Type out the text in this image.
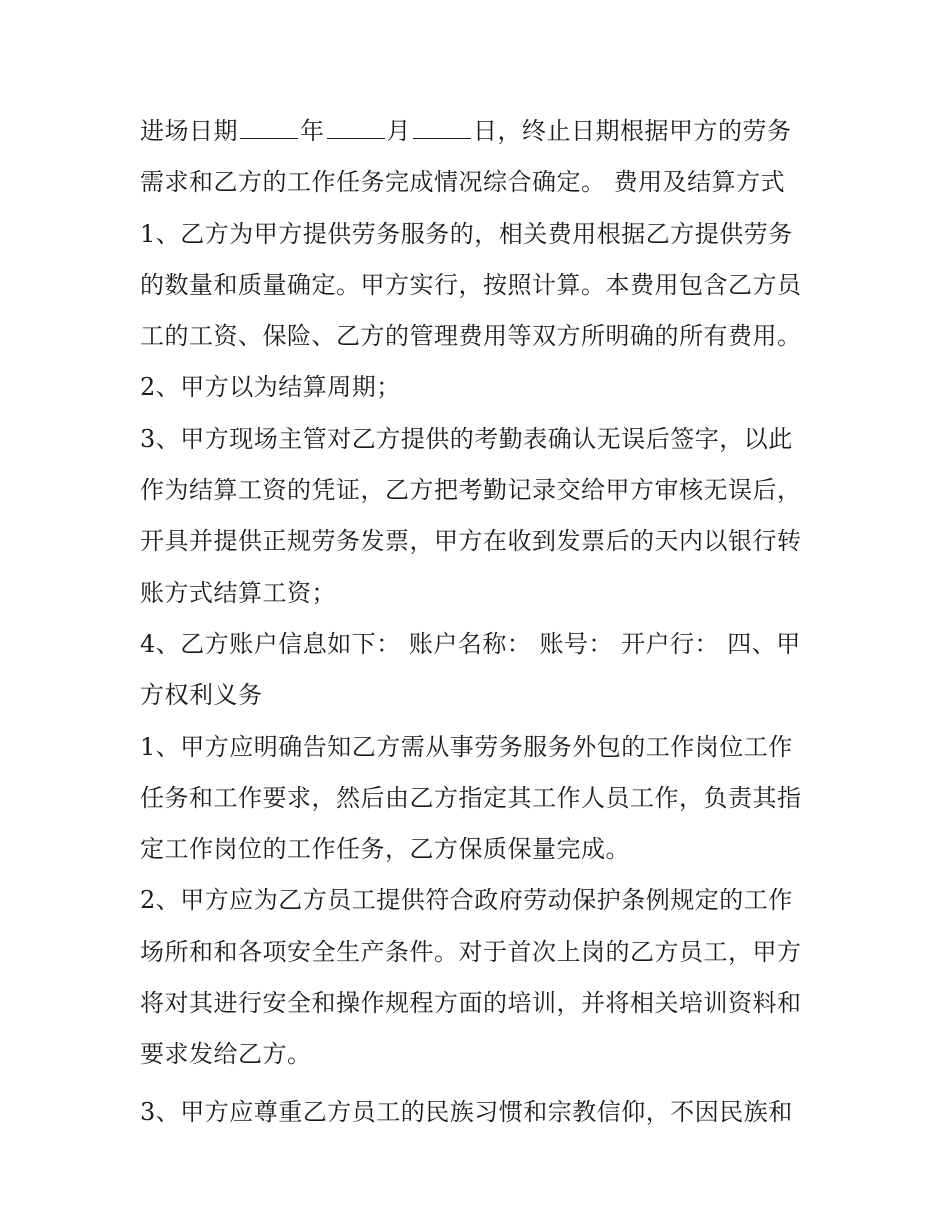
进场日期	年	月	日，终止日期根据甲方的劳务
需求和乙方的工作任务完成情况综合确定。 费用及结算方式
1、乙方为甲方提供劳务服务的，相关费用根据乙方提供劳务
的数量和质量确定。甲方实行，按照计算。本费用包含乙方员
工的工资、保险、乙方的管理费用等双方所明确的所有费用。
2、甲方以为结算周期；
3、甲方现场主管对乙方提供的考勤表确认无误后签字，以此
作为结算工资的凭证，乙方把考勤记录交给甲方审核无误后，
开具并提供正规劳务发票，甲方在收到发票后的天内以银行转
账方式结算工资；
4、乙方账户信息如下： 账户名称： 账号： 开户行： 四、甲
方权利义务
1、甲方应明确告知乙方需从事劳务服务外包的工作岗位工作
任务和工作要求，然后由乙方指定其工作人员工作，负责其指
定工作岗位的工作任务，乙方保质保量完成。
2、甲方应为乙方员工提供符合政府劳动保护条例规定的工作
场所和和各项安全生产条件。对于首次上岗的乙方员工，甲方
将对其进行安全和操作规程方面的培训，并将相关培训资料和
要求发给乙方。
3、甲方应尊重乙方员工的民族习惯和宗教信仰，不因民族和
